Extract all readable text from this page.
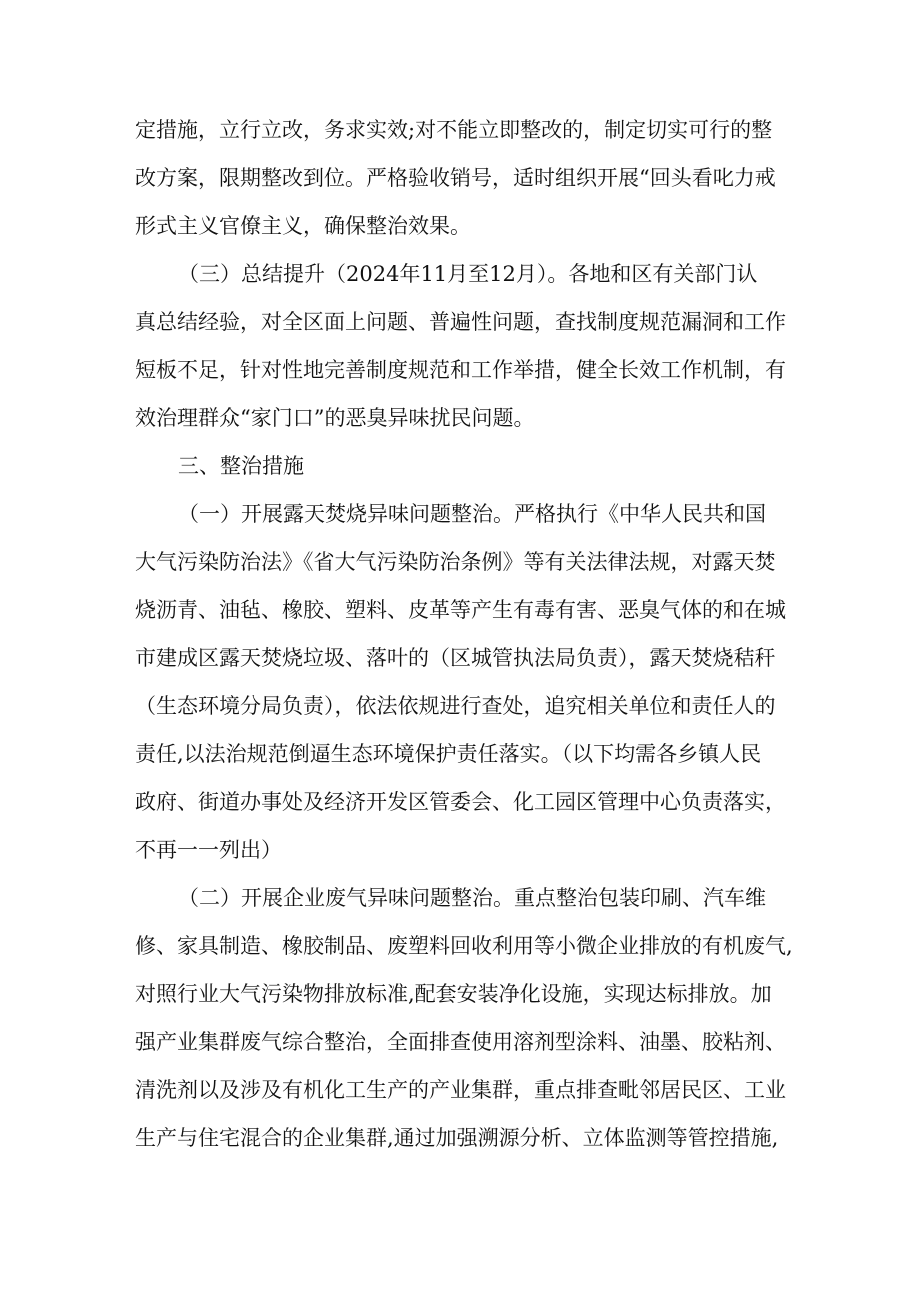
定措施，立行立改，务求实效;对不能立即整改的，制定切实可行的整
改方案，限期整改到位。严格验收销号，适时组织开展“回头看叱力戒
形式主义官僚主义，确保整治效果。
（三）总结提升（2024年11月至12月）。各地和区有关部门认
真总结经验，对全区面上问题、普遍性问题，查找制度规范漏洞和工作
短板不足，针对性地完善制度规范和工作举措，健全长效工作机制，有
效治理群众“家门口”的恶臭异味扰民问题。
三、整治措施
（一）开展露天焚烧异味问题整治。严格执行《中华人民共和国
大气污染防治法》《省大气污染防治条例》等有关法律法规，对露天焚
烧沥青、油毡、橡胶、塑料、皮革等产生有毒有害、恶臭气体的和在城
市建成区露天焚烧垃圾、落叶的（区城管执法局负责），露天焚烧秸秆
（生态环境分局负责），依法依规进行查处，追究相关单位和责任人的
责任,以法治规范倒逼生态环境保护责任落实。（以下均需各乡镇人民
政府、街道办事处及经济开发区管委会、化工园区管理中心负责落实，
不再一一列出）
（二）开展企业废气异味问题整治。重点整治包装印刷、汽车维
修、家具制造、橡胶制品、废塑料回收利用等小微企业排放的有机废气,
对照行业大气污染物排放标准,配套安装净化设施，实现达标排放。加
强产业集群废气综合整治，全面排查使用溶剂型涂料、油墨、胶粘剂、
清洗剂以及涉及有机化工生产的产业集群，重点排查毗邻居民区、工业
生产与住宅混合的企业集群,通过加强溯源分析、立体监测等管控措施,
